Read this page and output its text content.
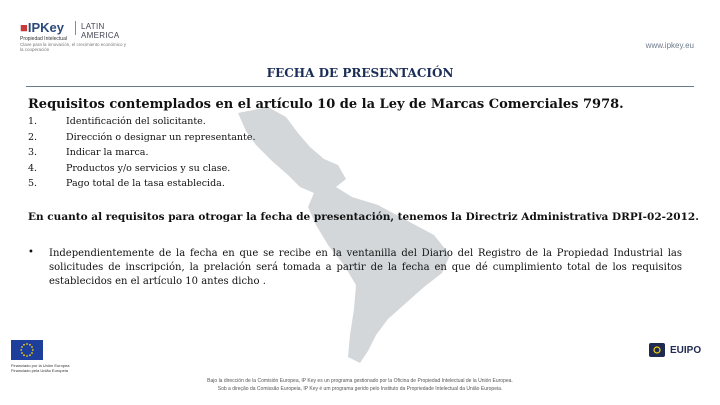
■IPKey LATIN AMERICA
Propiedad Intelectual
Clave para la innovación, el crecimiento económico y la cooperación	www.ipkey.eu
FECHA DE PRESENTACIÓN
Requisitos contemplados en el artículo 10 de la Ley de Marcas Comerciales 7978.
1.	Identificación del solicitante.
2.	Dirección o designar un representante.
3.	Indicar la marca.
4.	Productos y/o servicios y su clase.
5.	Pago total de la tasa establecida.
En cuanto al requisitos para otrogar la fecha de presentación, tenemos la Directriz Administrativa DRPI-02-2012.
• Independientemente de la fecha en que se recibe en la ventanilla del Diario del Registro de la Propiedad Industrial las solicitudes de inscripción, la prelación será tomada a partir de la fecha en que dé cumplimiento total de los requisitos establecidos en el artículo 10 antes dicho .

Financiado por la Unión Europea
Financiado pela União Europeia
EUIPO
Bajo la dirección de la Comisión Europea, IP Key es un programa gestionado por la Oficina de Propiedad Intelectual de la Unión Europea.
Sob a direção da Comissão Europeia, IP Key é um programa gerido pelo Instituto da Propriedade Intelectual da União Europeia.
